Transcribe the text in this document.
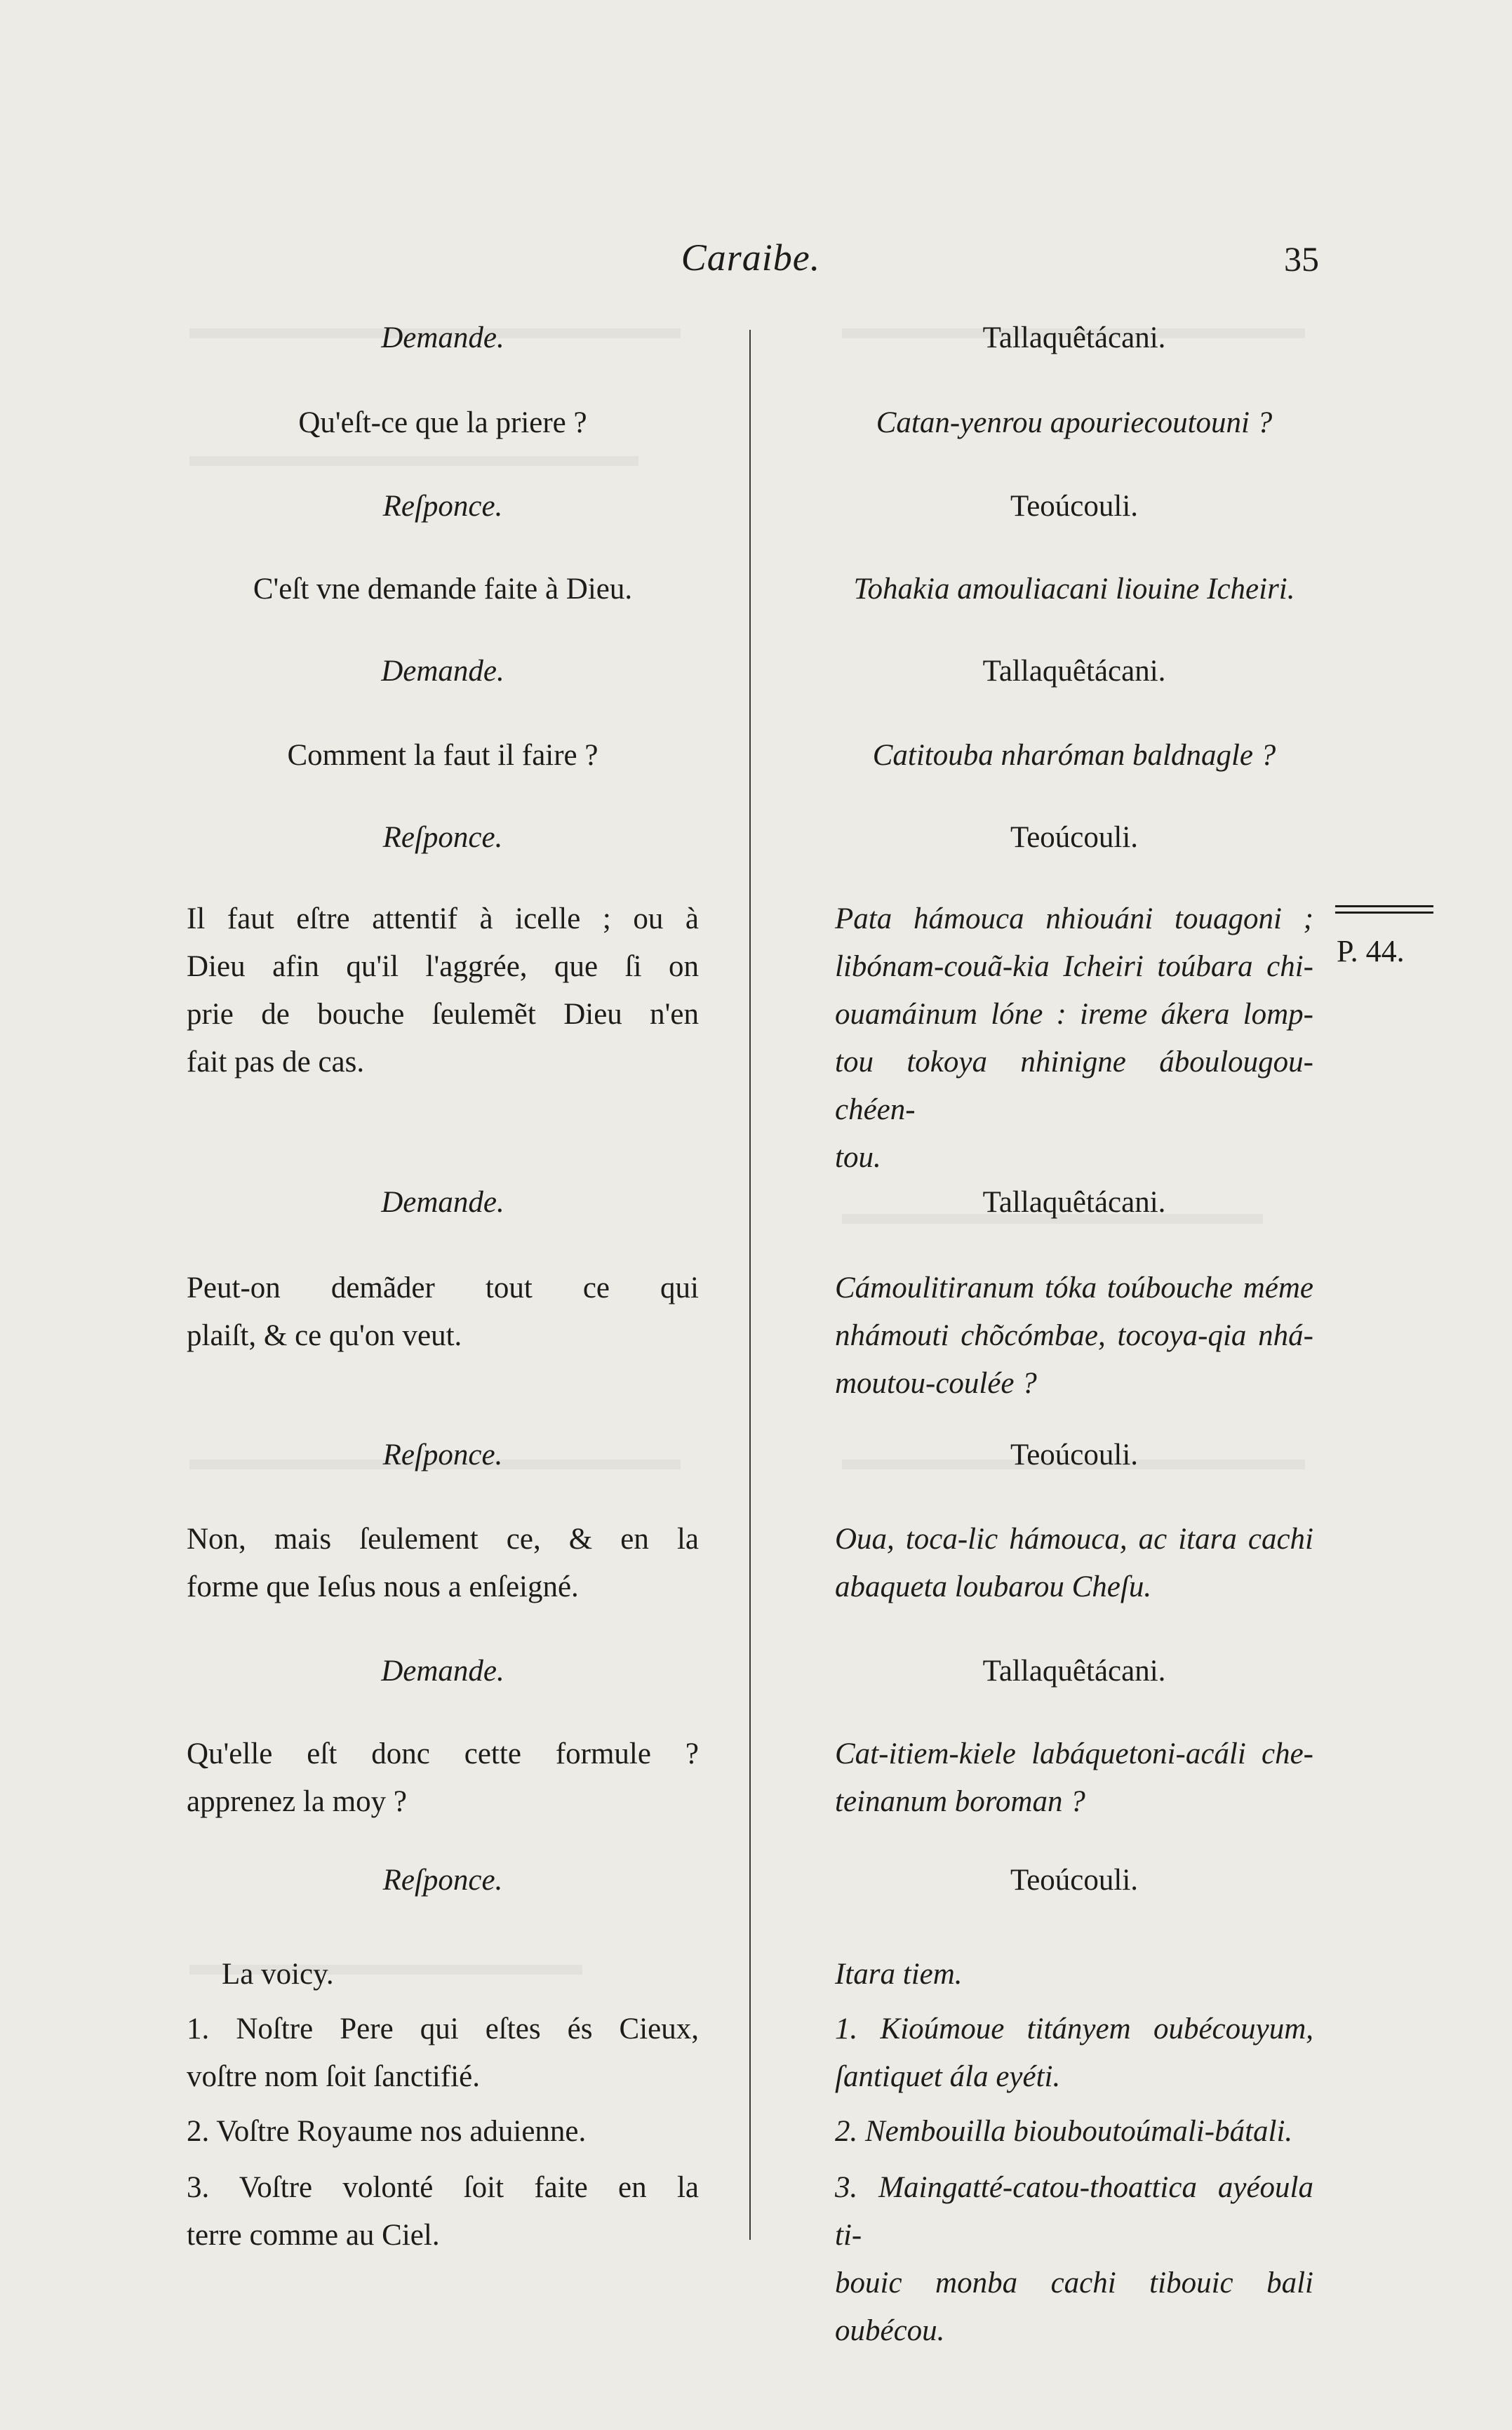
Caraibe.	35
P. 44.
Demande.
Qu'eſt-ce que la priere ?
Reſponce.
C'eſt vne demande faite à Dieu.
Demande.
Comment la faut il faire ?
Reſponce.
Il faut eſtre attentif à icelle ; ou à
Dieu afin qu'il l'aggrée, que ſi on
prie de bouche ſeulemẽt Dieu n'en
fait pas de cas.
Demande.
Peut-on demãder tout ce qui
plaiſt, & ce qu'on veut.
Reſponce.
Non, mais ſeulement ce, & en la
forme que Ieſus nous a enſeigné.
Demande.
Qu'elle eſt donc cette formule ?
apprenez la moy ?
Reſponce.
La voicy.
1. Noſtre Pere qui eſtes és Cieux,
voſtre nom ſoit ſanctifié.
2. Voſtre Royaume nos aduienne.
3. Voſtre volonté ſoit faite en la
terre comme au Ciel.
Tallaquêtácani.
Catan-yenrou apouriecoutouni ?
Teoúcouli.
Tohakia amouliacani liouine Icheiri.
Tallaquêtácani.
Catitouba nharóman baldnagle ?
Teoúcouli.
Pata hámouca nhiouáni touagoni ;
libónam-couã-kia Icheiri toúbara chi-
ouamáinum lóne : ireme ákera lomp-
tou tokoya nhinigne áboulougou-chéen-
tou.
Tallaquêtácani.
Cámoulitiranum tóka toúbouche méme
nhámouti chõcómbae, tocoya-qia nhá-
moutou-coulée ?
Teoúcouli.
Oua, toca-lic hámouca, ac itara cachi
abaqueta loubarou Cheſu.
Tallaquêtácani.
Cat-itiem-kiele labáquetoni-acáli che-
teinanum boroman ?
Teoúcouli.
Itara tiem.
1. Kioúmoue titányem oubécouyum,
ſantiquet ála eyéti.
2. Nembouilla biouboutoúmali-bátali.
3. Maingatté-catou-thoattica ayéoula ti-
bouic monba cachi tibouic bali oubécou.
